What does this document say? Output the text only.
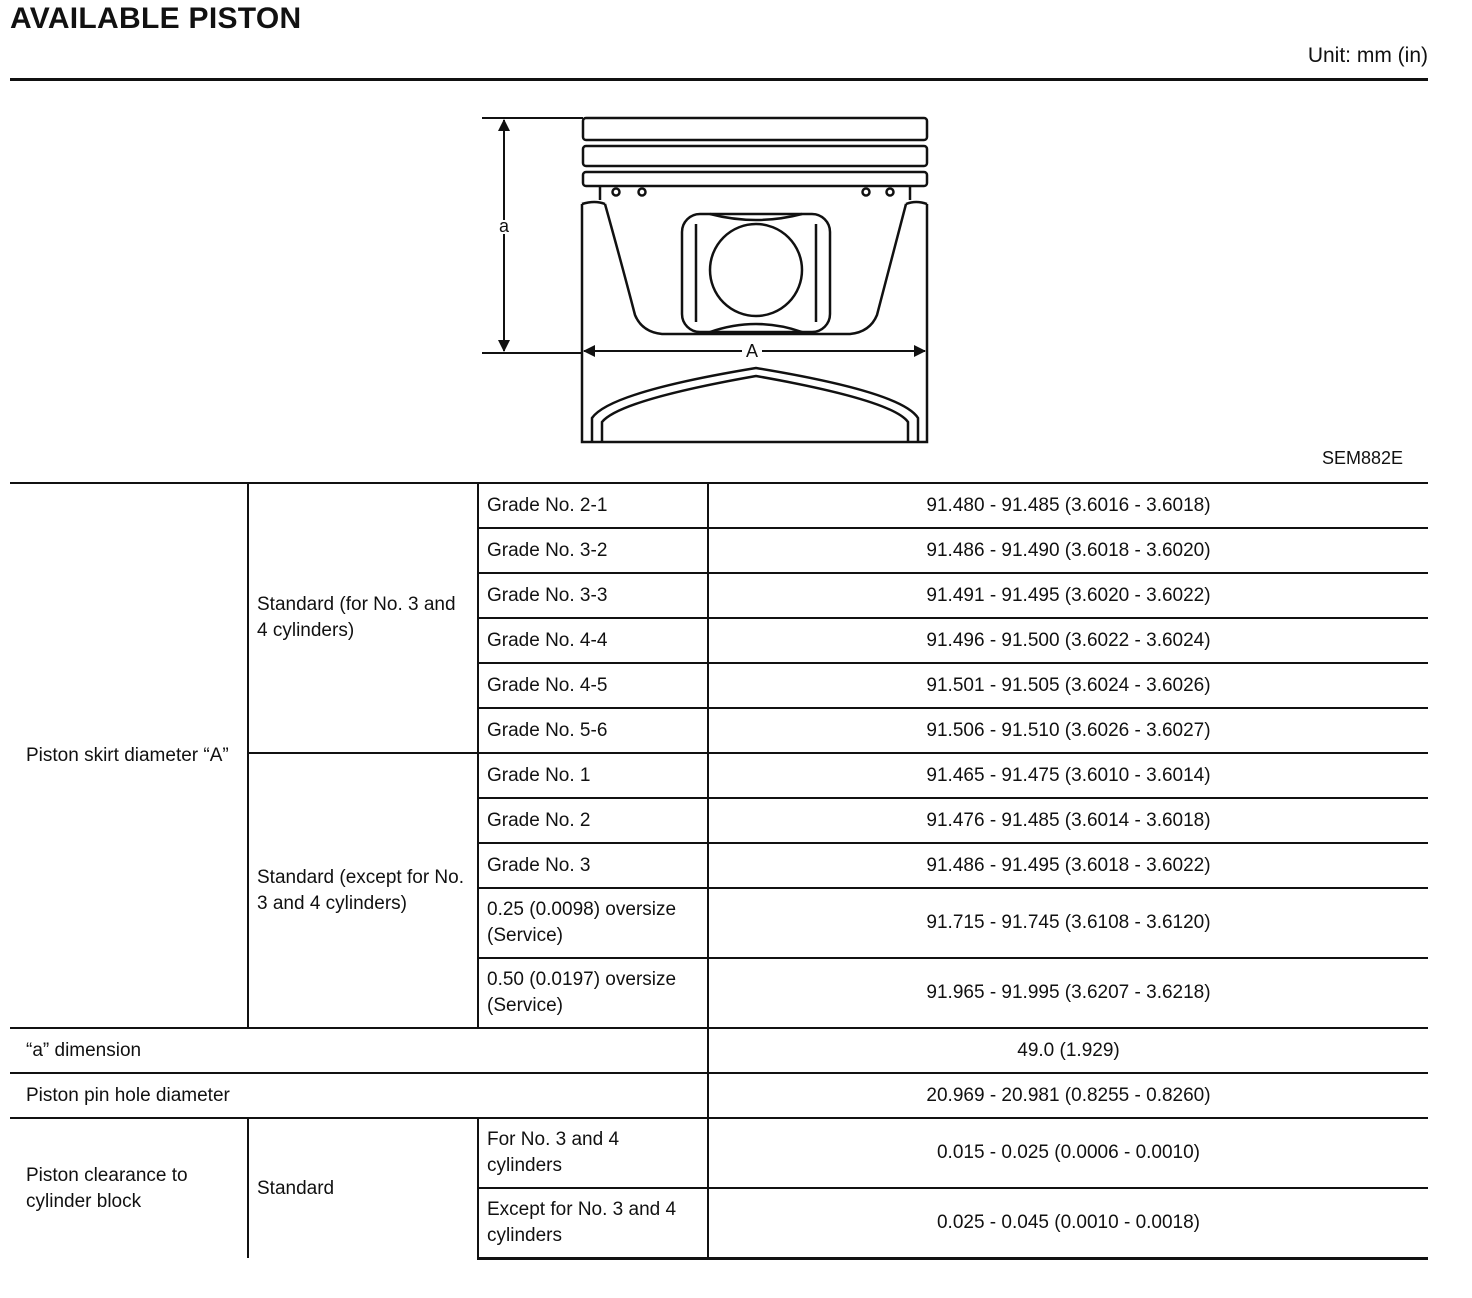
AVAILABLE PISTON
Unit: mm (in)
a
A
SEM882E
Piston skirt diameter “A”	Standard (for No. 3 and 4 cylinders)	Grade No. 2-1	91.480 - 91.485 (3.6016 - 3.6018)
		Grade No. 3-2	91.486 - 91.490 (3.6018 - 3.6020)
		Grade No. 3-3	91.491 - 91.495 (3.6020 - 3.6022)
		Grade No. 4-4	91.496 - 91.500 (3.6022 - 3.6024)
		Grade No. 4-5	91.501 - 91.505 (3.6024 - 3.6026)
		Grade No. 5-6	91.506 - 91.510 (3.6026 - 3.6027)
	Standard (except for No. 3 and 4 cylinders)	Grade No. 1	91.465 - 91.475 (3.6010 - 3.6014)
		Grade No. 2	91.476 - 91.485 (3.6014 - 3.6018)
		Grade No. 3	91.486 - 91.495 (3.6018 - 3.6022)
		0.25 (0.0098) oversize (Service)	91.715 - 91.745 (3.6108 - 3.6120)
		0.50 (0.0197) oversize (Service)	91.965 - 91.995 (3.6207 - 3.6218)
“a” dimension			49.0 (1.929)
Piston pin hole diameter			20.969 - 20.981 (0.8255 - 0.8260)
Piston clearance to cylinder block	Standard	For No. 3 and 4 cylinders	0.015 - 0.025 (0.0006 - 0.0010)
		Except for No. 3 and 4 cylinders	0.025 - 0.045 (0.0010 - 0.0018)
